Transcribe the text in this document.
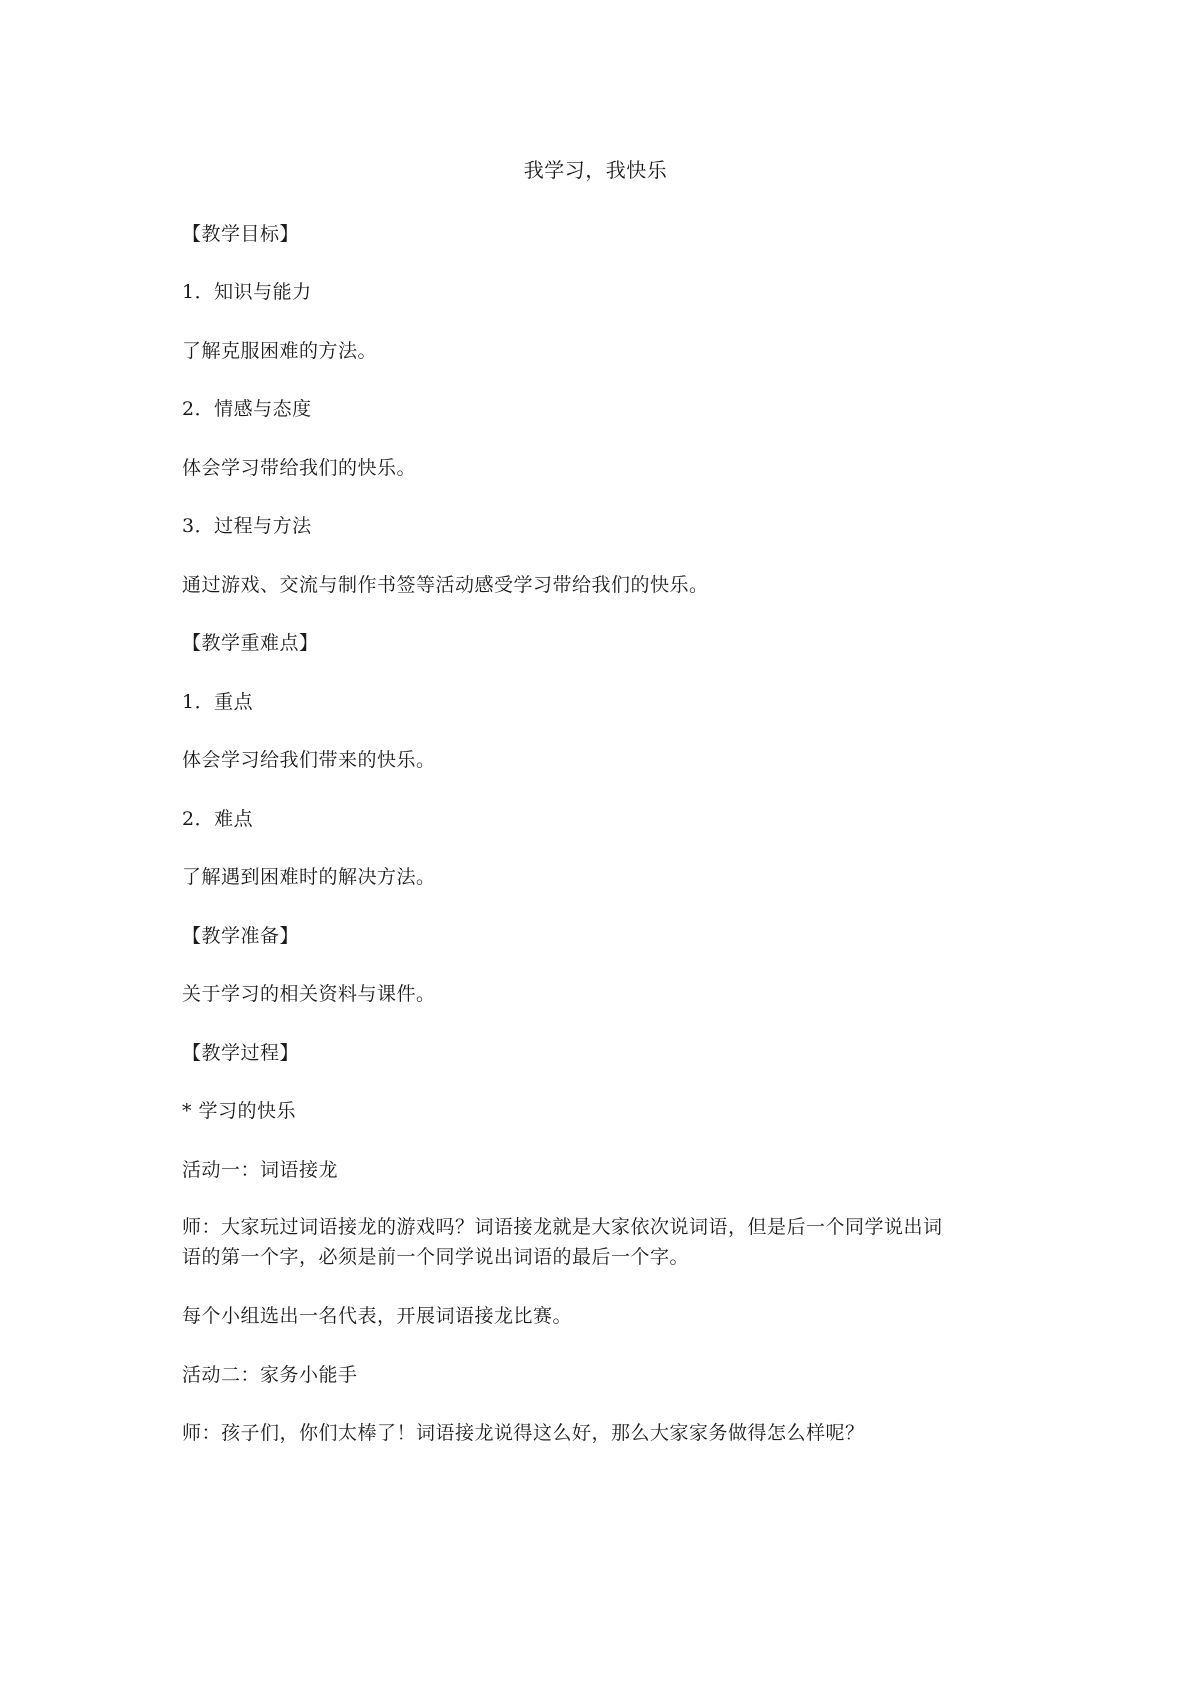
我学习，我快乐
【教学目标】
1．知识与能力
了解克服困难的方法。
2．情感与态度
体会学习带给我们的快乐。
3．过程与方法
通过游戏、交流与制作书签等活动感受学习带给我们的快乐。
【教学重难点】
1．重点
体会学习给我们带来的快乐。
2．难点
了解遇到困难时的解决方法。
【教学准备】
关于学习的相关资料与课件。
【教学过程】
* 学习的快乐
活动一：词语接龙
师：大家玩过词语接龙的游戏吗？词语接龙就是大家依次说词语，但是后一个同学说出词
语的第一个字，必须是前一个同学说出词语的最后一个字。
每个小组选出一名代表，开展词语接龙比赛。
活动二：家务小能手
师：孩子们，你们太棒了！词语接龙说得这么好，那么大家家务做得怎么样呢？
